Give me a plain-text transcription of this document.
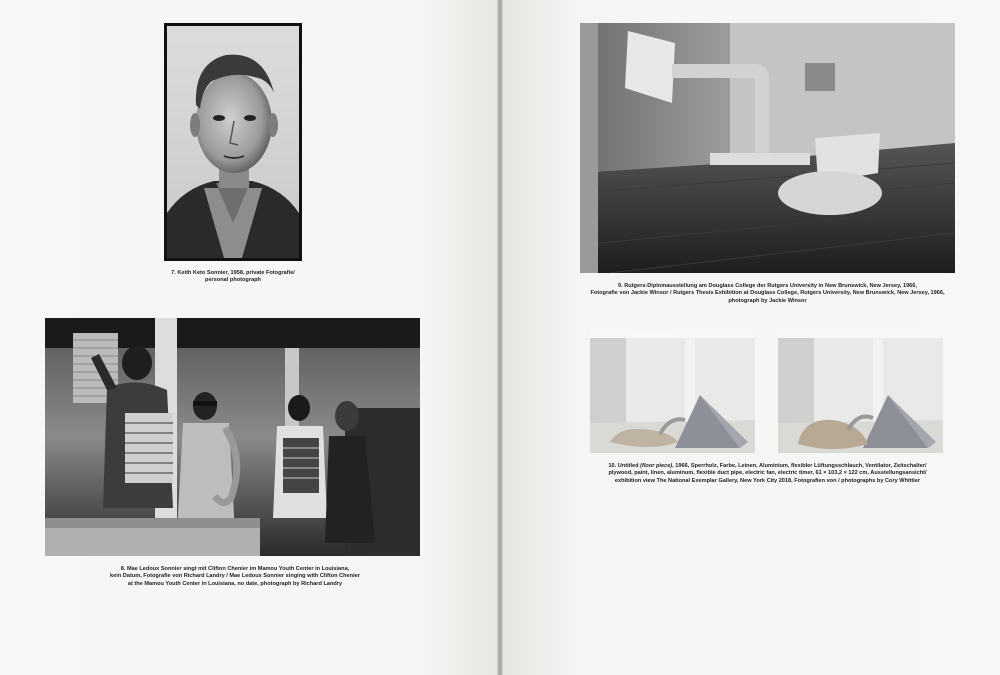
7. Keith Keto Sonnier, 1958, private Fotografie/
personal photograph
8. Mae Ledoux Sonnier singt mit Clifton Chenier im Mamou Youth Center in Louisiana,
kein Datum, Fotografie von Richard Landry / Mae Ledoux Sonnier singing with Clifton Chenier
at the Mamou Youth Center in Louisiana, no date, photograph by Richard Landry
9. Rutgers-Diplomausstellung am Douglass College der Rutgers University in New Brunswick, New Jersey, 1966,
Fotografie von Jackie Winsor / Rutgers Thesis Exhibition at Douglass College, Rutgers University, New Brunswick, New Jersey, 1966,
photograph by Jackie Winsor
10. Untitled (floor piece), 1966, Sperrholz, Farbe, Leinen, Aluminium, flexibler Lüftungsschlauch, Ventilator, Zeitschalter/
plywood, paint, linen, aluminum, flexible duct pipe, electric fan, electric timer, 61 × 103,2 × 122 cm, Ausstellungsansicht/
exhibition view The National Exemplar Gallery, New York City 2018, Fotografien von / photographs by Cory Whittier
